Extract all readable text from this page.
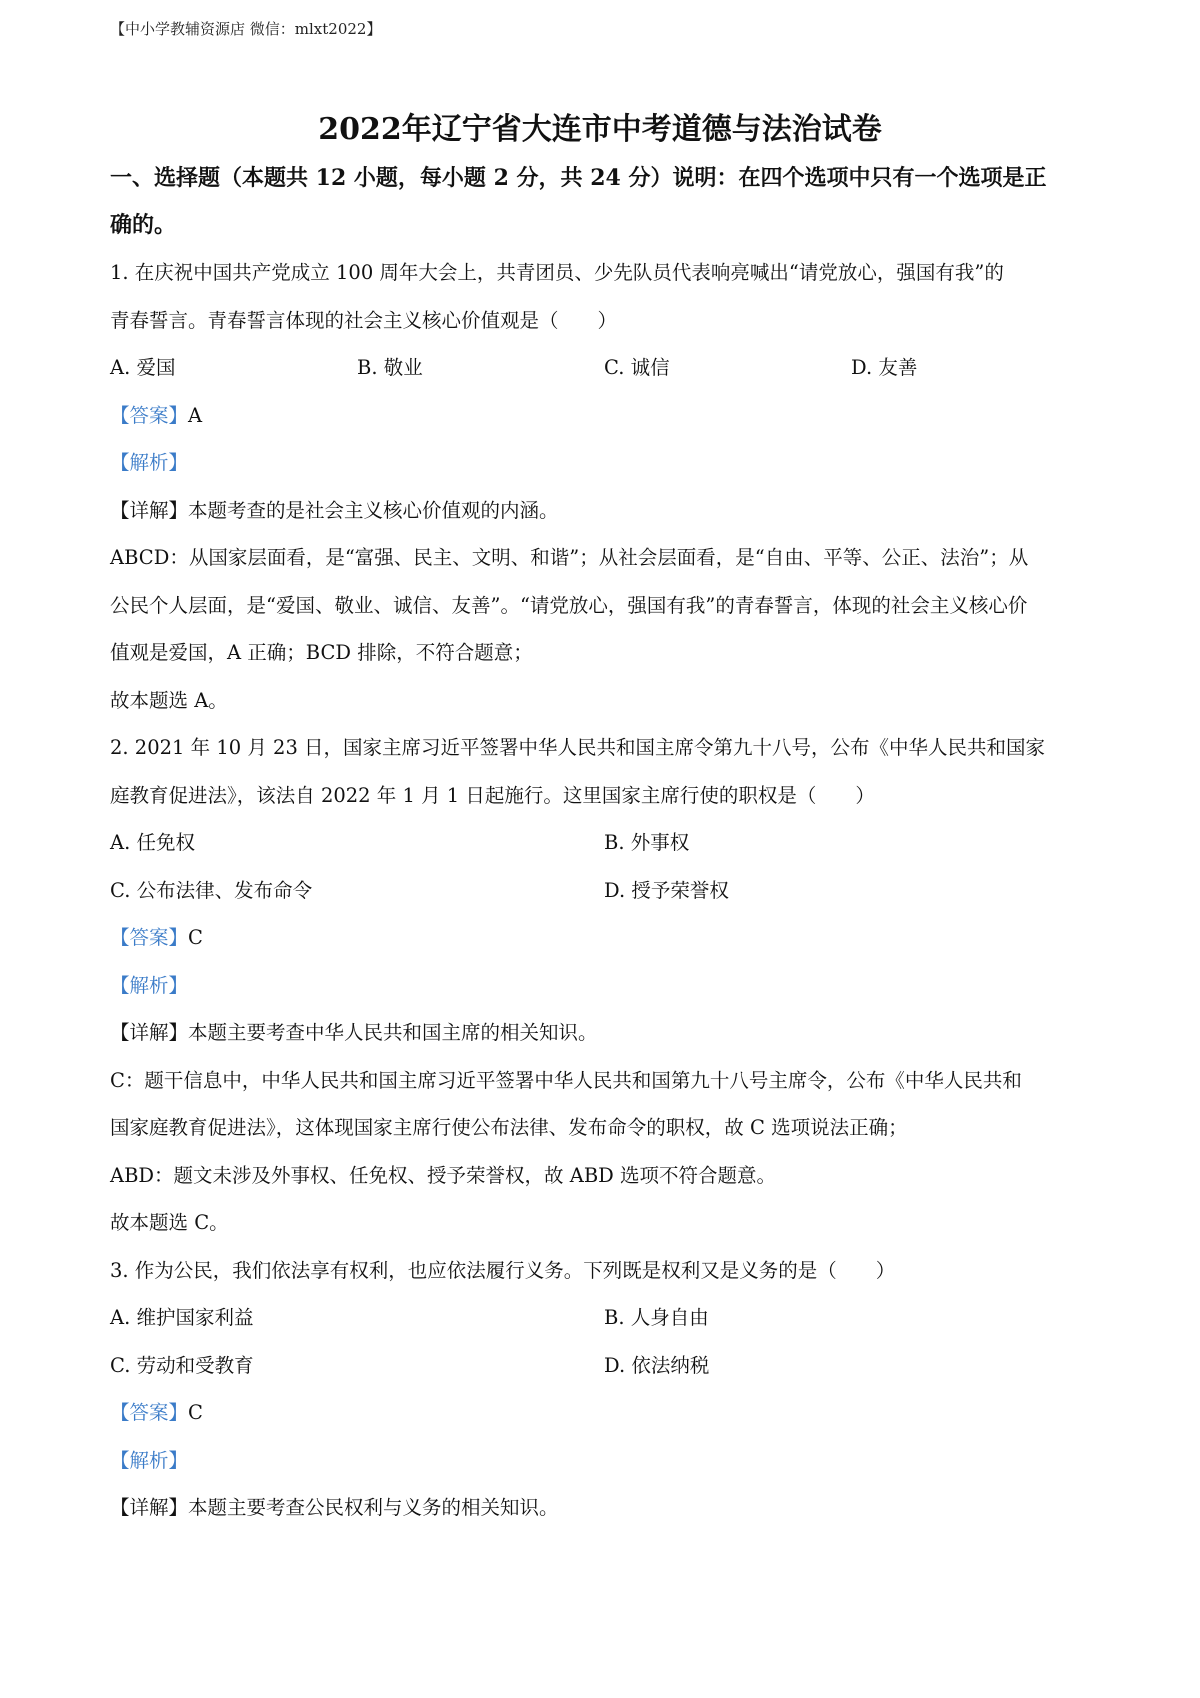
【中小学教辅资源店 微信：mlxt2022】
2022年辽宁省大连市中考道德与法治试卷

一、选择题（本题共 12 小题，每小题 2 分，共 24 分）说明：在四个选项中只有一个选项是正

确的。

1. 在庆祝中国共产党成立 100 周年大会上，共青团员、少先队员代表响亮喊出“请党放心，强国有我”的

青春誓言。青春誓言体现的社会主义核心价值观是（　　）

A. 爱国	B. 敬业	C. 诚信	D. 友善

【答案】A

【解析】

【详解】本题考查的是社会主义核心价值观的内涵。

ABCD：从国家层面看，是“富强、民主、文明、和谐”；从社会层面看，是“自由、平等、公正、法治”；从

公民个人层面，是“爱国、敬业、诚信、友善”。“请党放心，强国有我”的青春誓言，体现的社会主义核心价

值观是爱国，A 正确；BCD 排除，不符合题意；

故本题选 A。

2. 2021 年 10 月 23 日，国家主席习近平签署中华人民共和国主席令第九十八号，公布《中华人民共和国家

庭教育促进法》，该法自 2022 年 1 月 1 日起施行。这里国家主席行使的职权是（　　）

A. 任免权	B. 外事权
C. 公布法律、发布命令	D. 授予荣誉权

【答案】C

【解析】

【详解】本题主要考查中华人民共和国主席的相关知识。

C：题干信息中，中华人民共和国主席习近平签署中华人民共和国第九十八号主席令，公布《中华人民共和

国家庭教育促进法》，这体现国家主席行使公布法律、发布命令的职权，故 C 选项说法正确；

ABD：题文未涉及外事权、任免权、授予荣誉权，故 ABD 选项不符合题意。

故本题选 C。

3. 作为公民，我们依法享有权利，也应依法履行义务。下列既是权利又是义务的是（　　）

A. 维护国家利益	B. 人身自由
C. 劳动和受教育	D. 依法纳税

【答案】C

【解析】

【详解】本题主要考查公民权利与义务的相关知识。
